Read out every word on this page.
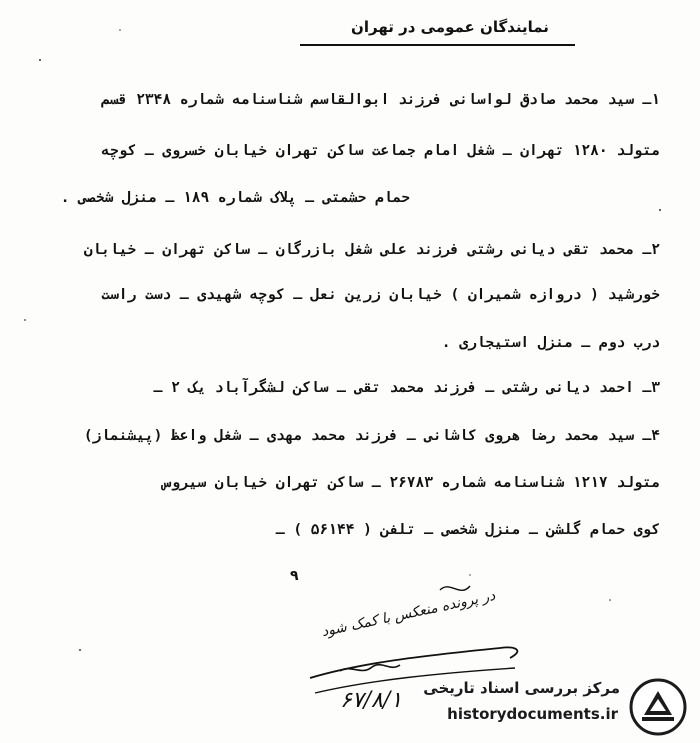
نمایندگان عمومی در تهران
۱ـ سید محمد صادق لواسانی فرزند ابوالقاسم شناسنامه شماره ۲۳۴۸ قسم
متولد ۱۲۸۰ تهران ـ شغل امام جماعت ساکن تهران خیابان خسروی ـ کوچه
حمام حشمتی ـ پلاک شماره ۱۸۹ ـ منزل شخصی .
۲ـ محمد تقی دیانی رشتی فرزند علی شغل بازرگان ـ ساکن تهران ـ خیابان
خورشید ( دروازه شمیران ) خیابان زرین نعل ـ کوچه شهیدی ـ دست راست
درب دوم ـ منزل استیجاری .
۳ـ احمد دیانی رشتی ـ فرزند محمد تقی ـ ساکن لشگرآباد یک ۲ ـ
۴ـ سید محمد رضا هروی کاشانی ـ فرزند محمد مهدی ـ شغل واعظ (پیشنماز)
متولد ۱۲۱۷ شناسنامه شماره ۲۶۷۸۳ ـ ساکن تهران خیابان سیروس
کوی حمام گلشن ـ منزل شخصی ـ تلفن ( ۵۶۱۴۴ ) ـ
۹
در پرونده منعکس با کمک شود
۶۷/۸/۱ مرکز بررسی اسناد تاریخی
historydocuments.ir
